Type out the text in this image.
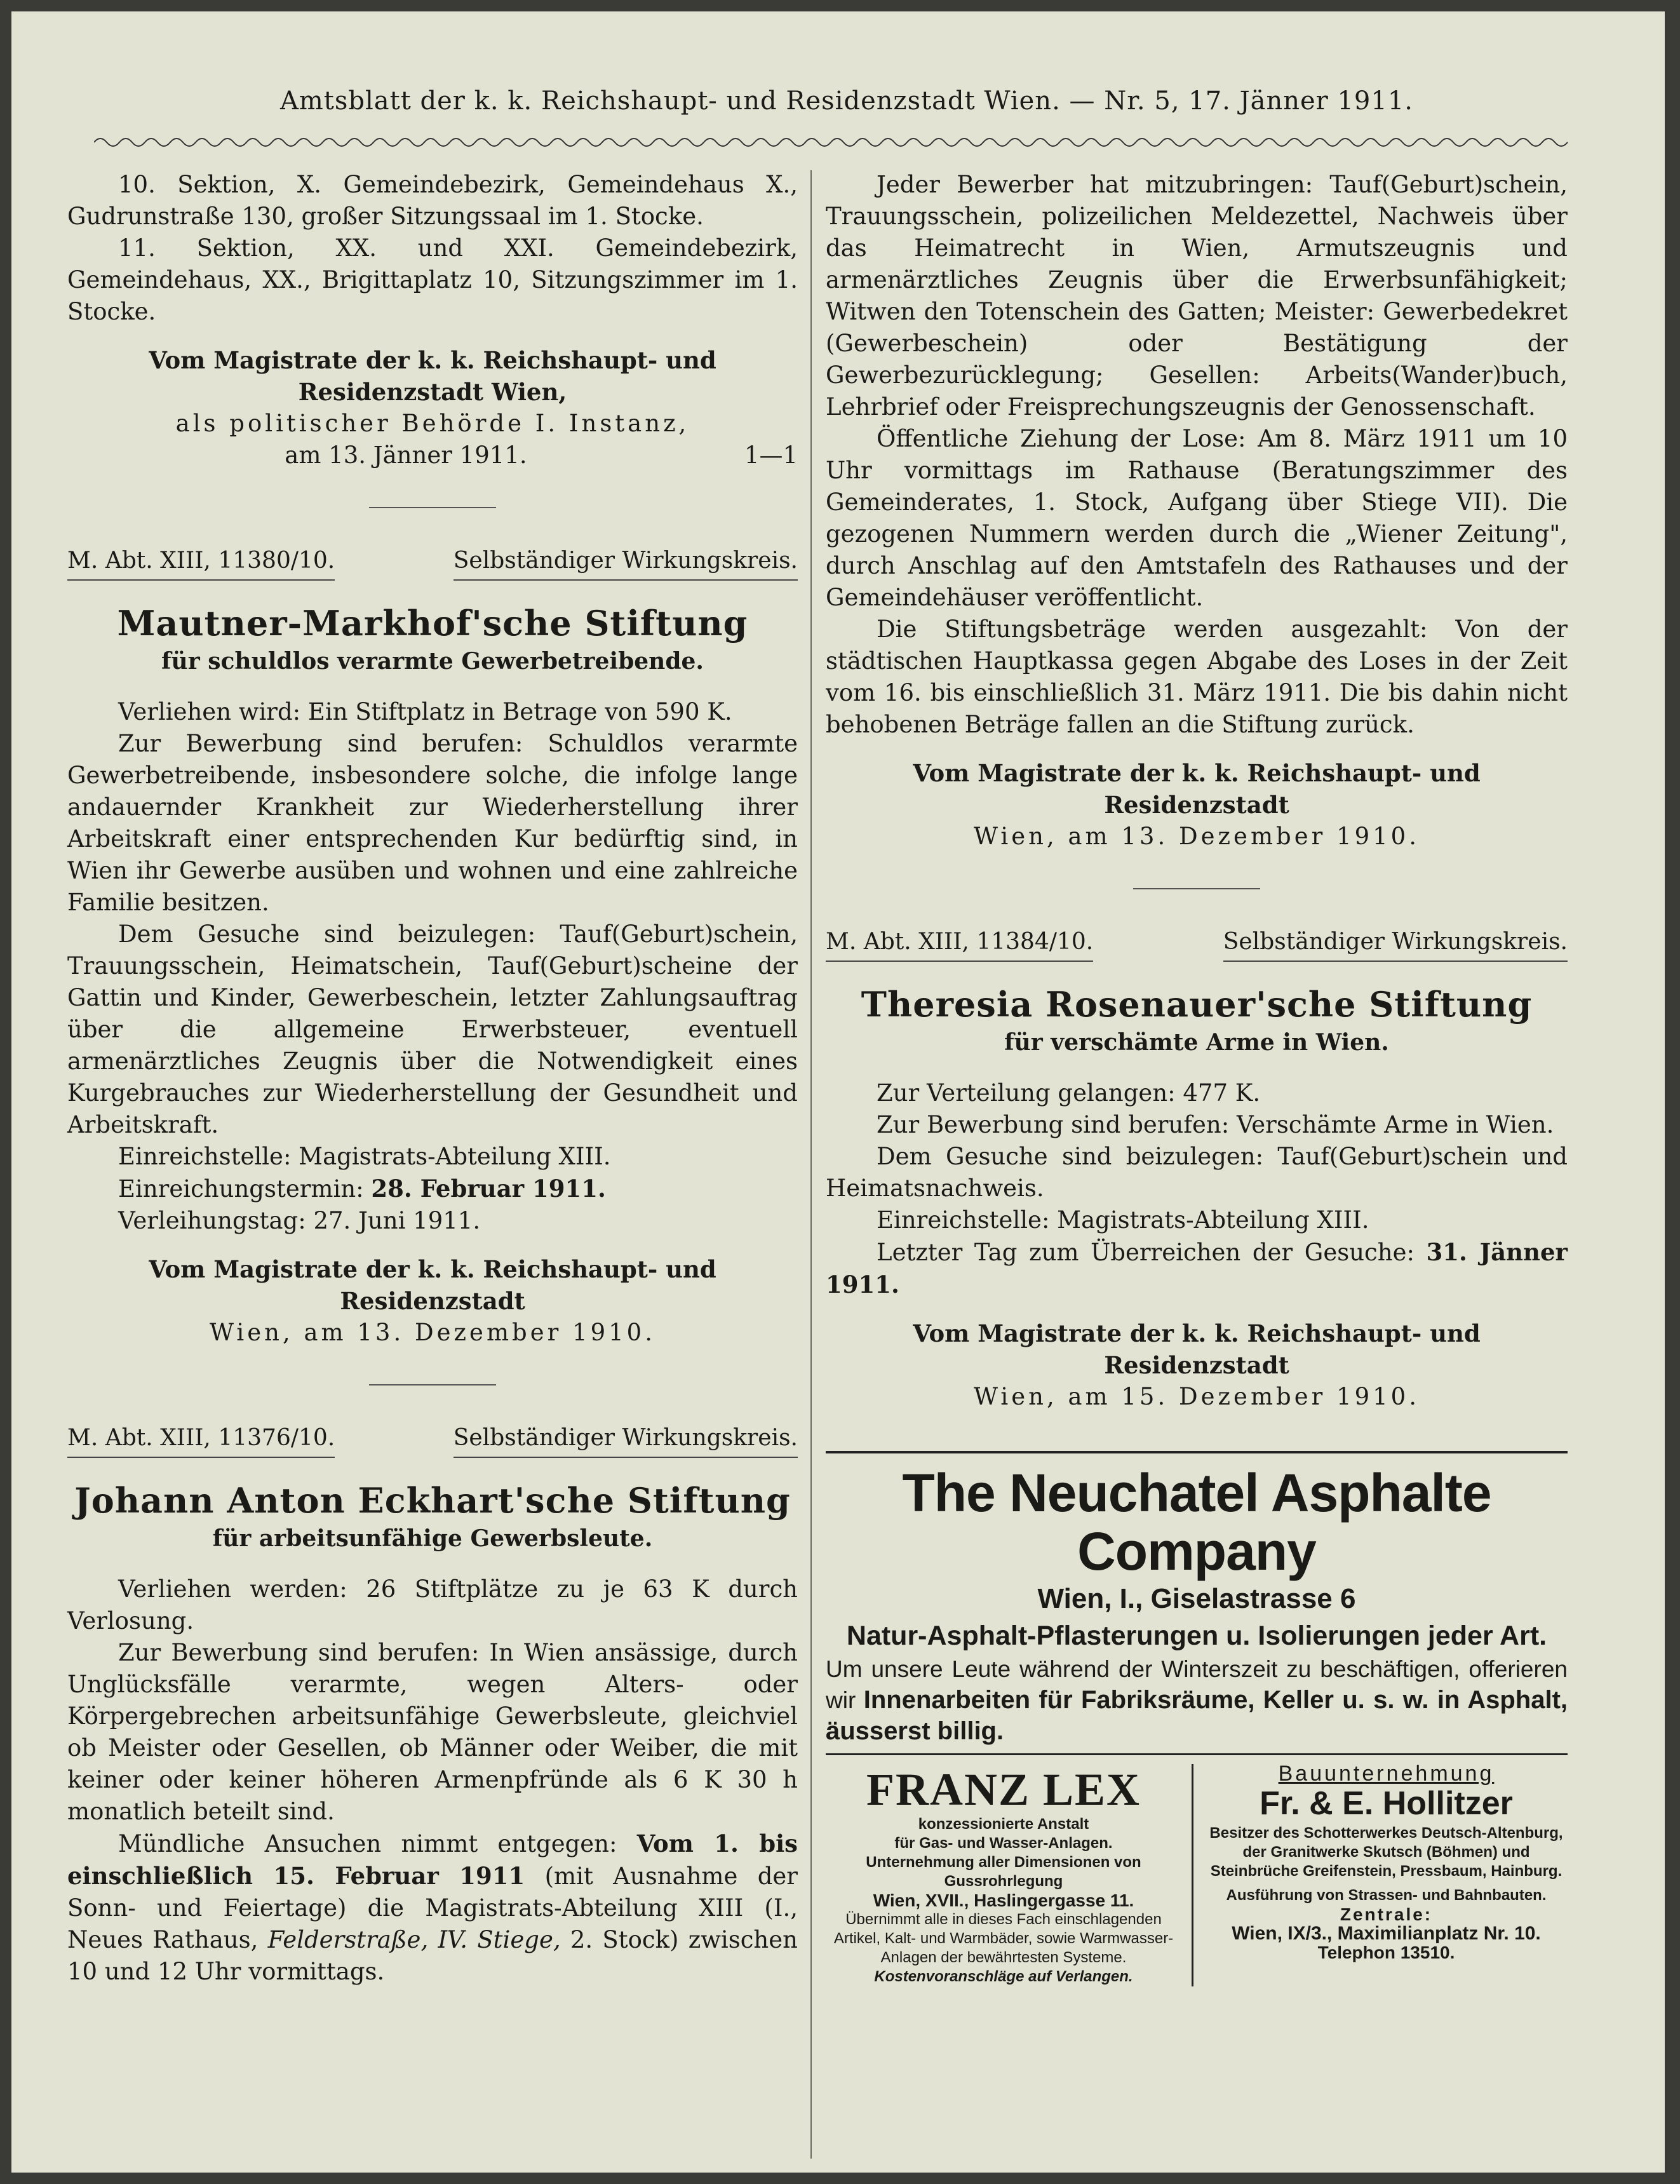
Amtsblatt der k. k. Reichshaupt- und Residenzstadt Wien. — Nr. 5, 17. Jänner 1911.

10. Sektion, X. Gemeindebezirk, Gemeindehaus X., Gudrunstraße 130, großer Sitzungssaal im 1. Stocke.

11. Sektion, XX. und XXI. Gemeindebezirk, Gemeindehaus, XX., Brigittaplatz 10, Sitzungszimmer im 1. Stocke.

Vom Magistrate der k. k. Reichshaupt- und Residenzstadt Wien,

als politischer Behörde I. Instanz,

am 13. Jänner 1911.	1—1

M. Abt. XIII, 11380/10.	Selbständiger Wirkungskreis.
Mautner-Markhof'sche Stiftung
für schuldlos verarmte Gewerbetreibende.

Verliehen wird: Ein Stiftplatz in Betrage von 590 K.

Zur Bewerbung sind berufen: Schuldlos verarmte Gewerbetreibende, insbesondere solche, die infolge lange andauernder Krankheit zur Wiederherstellung ihrer Arbeitskraft einer entsprechenden Kur bedürftig sind, in Wien ihr Gewerbe ausüben und wohnen und eine zahlreiche Familie besitzen.

Dem Gesuche sind beizulegen: Tauf(Geburt)schein, Trauungsschein, Heimatschein, Tauf(Geburt)scheine der Gattin und Kinder, Gewerbeschein, letzter Zahlungsauftrag über die allgemeine Erwerbsteuer, eventuell armenärztliches Zeugnis über die Notwendigkeit eines Kurgebrauches zur Wiederherstellung der Gesundheit und Arbeitskraft.

Einreichstelle: Magistrats-Abteilung XIII.

Einreichungstermin: 28. Februar 1911.

Verleihungstag: 27. Juni 1911.

Vom Magistrate der k. k. Reichshaupt- und Residenzstadt

Wien, am 13. Dezember 1910.

M. Abt. XIII, 11376/10.	Selbständiger Wirkungskreis.
Johann Anton Eckhart'sche Stiftung
für arbeitsunfähige Gewerbsleute.

Verliehen werden: 26 Stiftplätze zu je 63 K durch Verlosung.

Zur Bewerbung sind berufen: In Wien ansässige, durch Unglücksfälle verarmte, wegen Alters- oder Körpergebrechen arbeitsunfähige Gewerbsleute, gleichviel ob Meister oder Gesellen, ob Männer oder Weiber, die mit keiner oder keiner höheren Armenpfründe als 6 K 30 h monatlich beteilt sind.

Mündliche Ansuchen nimmt entgegen: Vom 1. bis einschließlich 15. Februar 1911 (mit Ausnahme der Sonn- und Feiertage) die Magistrats-Abteilung XIII (I., Neues Rathaus, Felderstraße, IV. Stiege, 2. Stock) zwischen 10 und 12 Uhr vormittags.

Jeder Bewerber hat mitzubringen: Tauf(Geburt)schein, Trauungsschein, polizeilichen Meldezettel, Nachweis über das Heimatrecht in Wien, Armutszeugnis und armenärztliches Zeugnis über die Erwerbsunfähigkeit; Witwen den Totenschein des Gatten; Meister: Gewerbedekret (Gewerbeschein) oder Bestätigung der Gewerbezurücklegung; Gesellen: Arbeits(Wander)buch, Lehrbrief oder Freisprechungszeugnis der Genossenschaft.

Öffentliche Ziehung der Lose: Am 8. März 1911 um 10 Uhr vormittags im Rathause (Beratungszimmer des Gemeinderates, 1. Stock, Aufgang über Stiege VII). Die gezogenen Nummern werden durch die „Wiener Zeitung", durch Anschlag auf den Amtstafeln des Rathauses und der Gemeindehäuser veröffentlicht.

Die Stiftungsbeträge werden ausgezahlt: Von der städtischen Hauptkassa gegen Abgabe des Loses in der Zeit vom 16. bis einschließlich 31. März 1911. Die bis dahin nicht behobenen Beträge fallen an die Stiftung zurück.

Vom Magistrate der k. k. Reichshaupt- und Residenzstadt

Wien, am 13. Dezember 1910.

M. Abt. XIII, 11384/10.	Selbständiger Wirkungskreis.
Theresia Rosenauer'sche Stiftung
für verschämte Arme in Wien.

Zur Verteilung gelangen: 477 K.

Zur Bewerbung sind berufen: Verschämte Arme in Wien.

Dem Gesuche sind beizulegen: Tauf(Geburt)schein und Heimatsnachweis.

Einreichstelle: Magistrats-Abteilung XIII.

Letzter Tag zum Überreichen der Gesuche: 31. Jänner 1911.

Vom Magistrate der k. k. Reichshaupt- und Residenzstadt

Wien, am 15. Dezember 1910.

The Neuchatel Asphalte Company
Wien, I., Giselastrasse 6
Natur-Asphalt-Pflasterungen u. Isolierungen jeder Art.
Um unsere Leute während der Winterszeit zu beschäftigen, offerieren wir Innenarbeiten für Fabriksräume, Keller u. s. w. in Asphalt, äusserst billig.
FRANZ LEX
konzessionierte Anstalt
für Gas- und Wasser-Anlagen.
Unternehmung aller Dimensionen von Gussrohrlegung
Wien, XVII., Haslingergasse 11.
Übernimmt alle in dieses Fach einschlagenden Artikel, Kalt- und Warmbäder, sowie Warmwasser-Anlagen der bewährtesten Systeme.
Kostenvoranschläge auf Verlangen.
Bauunternehmung
Fr. & E. Hollitzer
Besitzer des Schotterwerkes Deutsch-Altenburg, der Granitwerke Skutsch (Böhmen) und Steinbrüche Greifenstein, Pressbaum, Hainburg.
Ausführung von Strassen- und Bahnbauten.
Zentrale:
Wien, IX/3., Maximilianplatz Nr. 10.
Telephon 13510.
